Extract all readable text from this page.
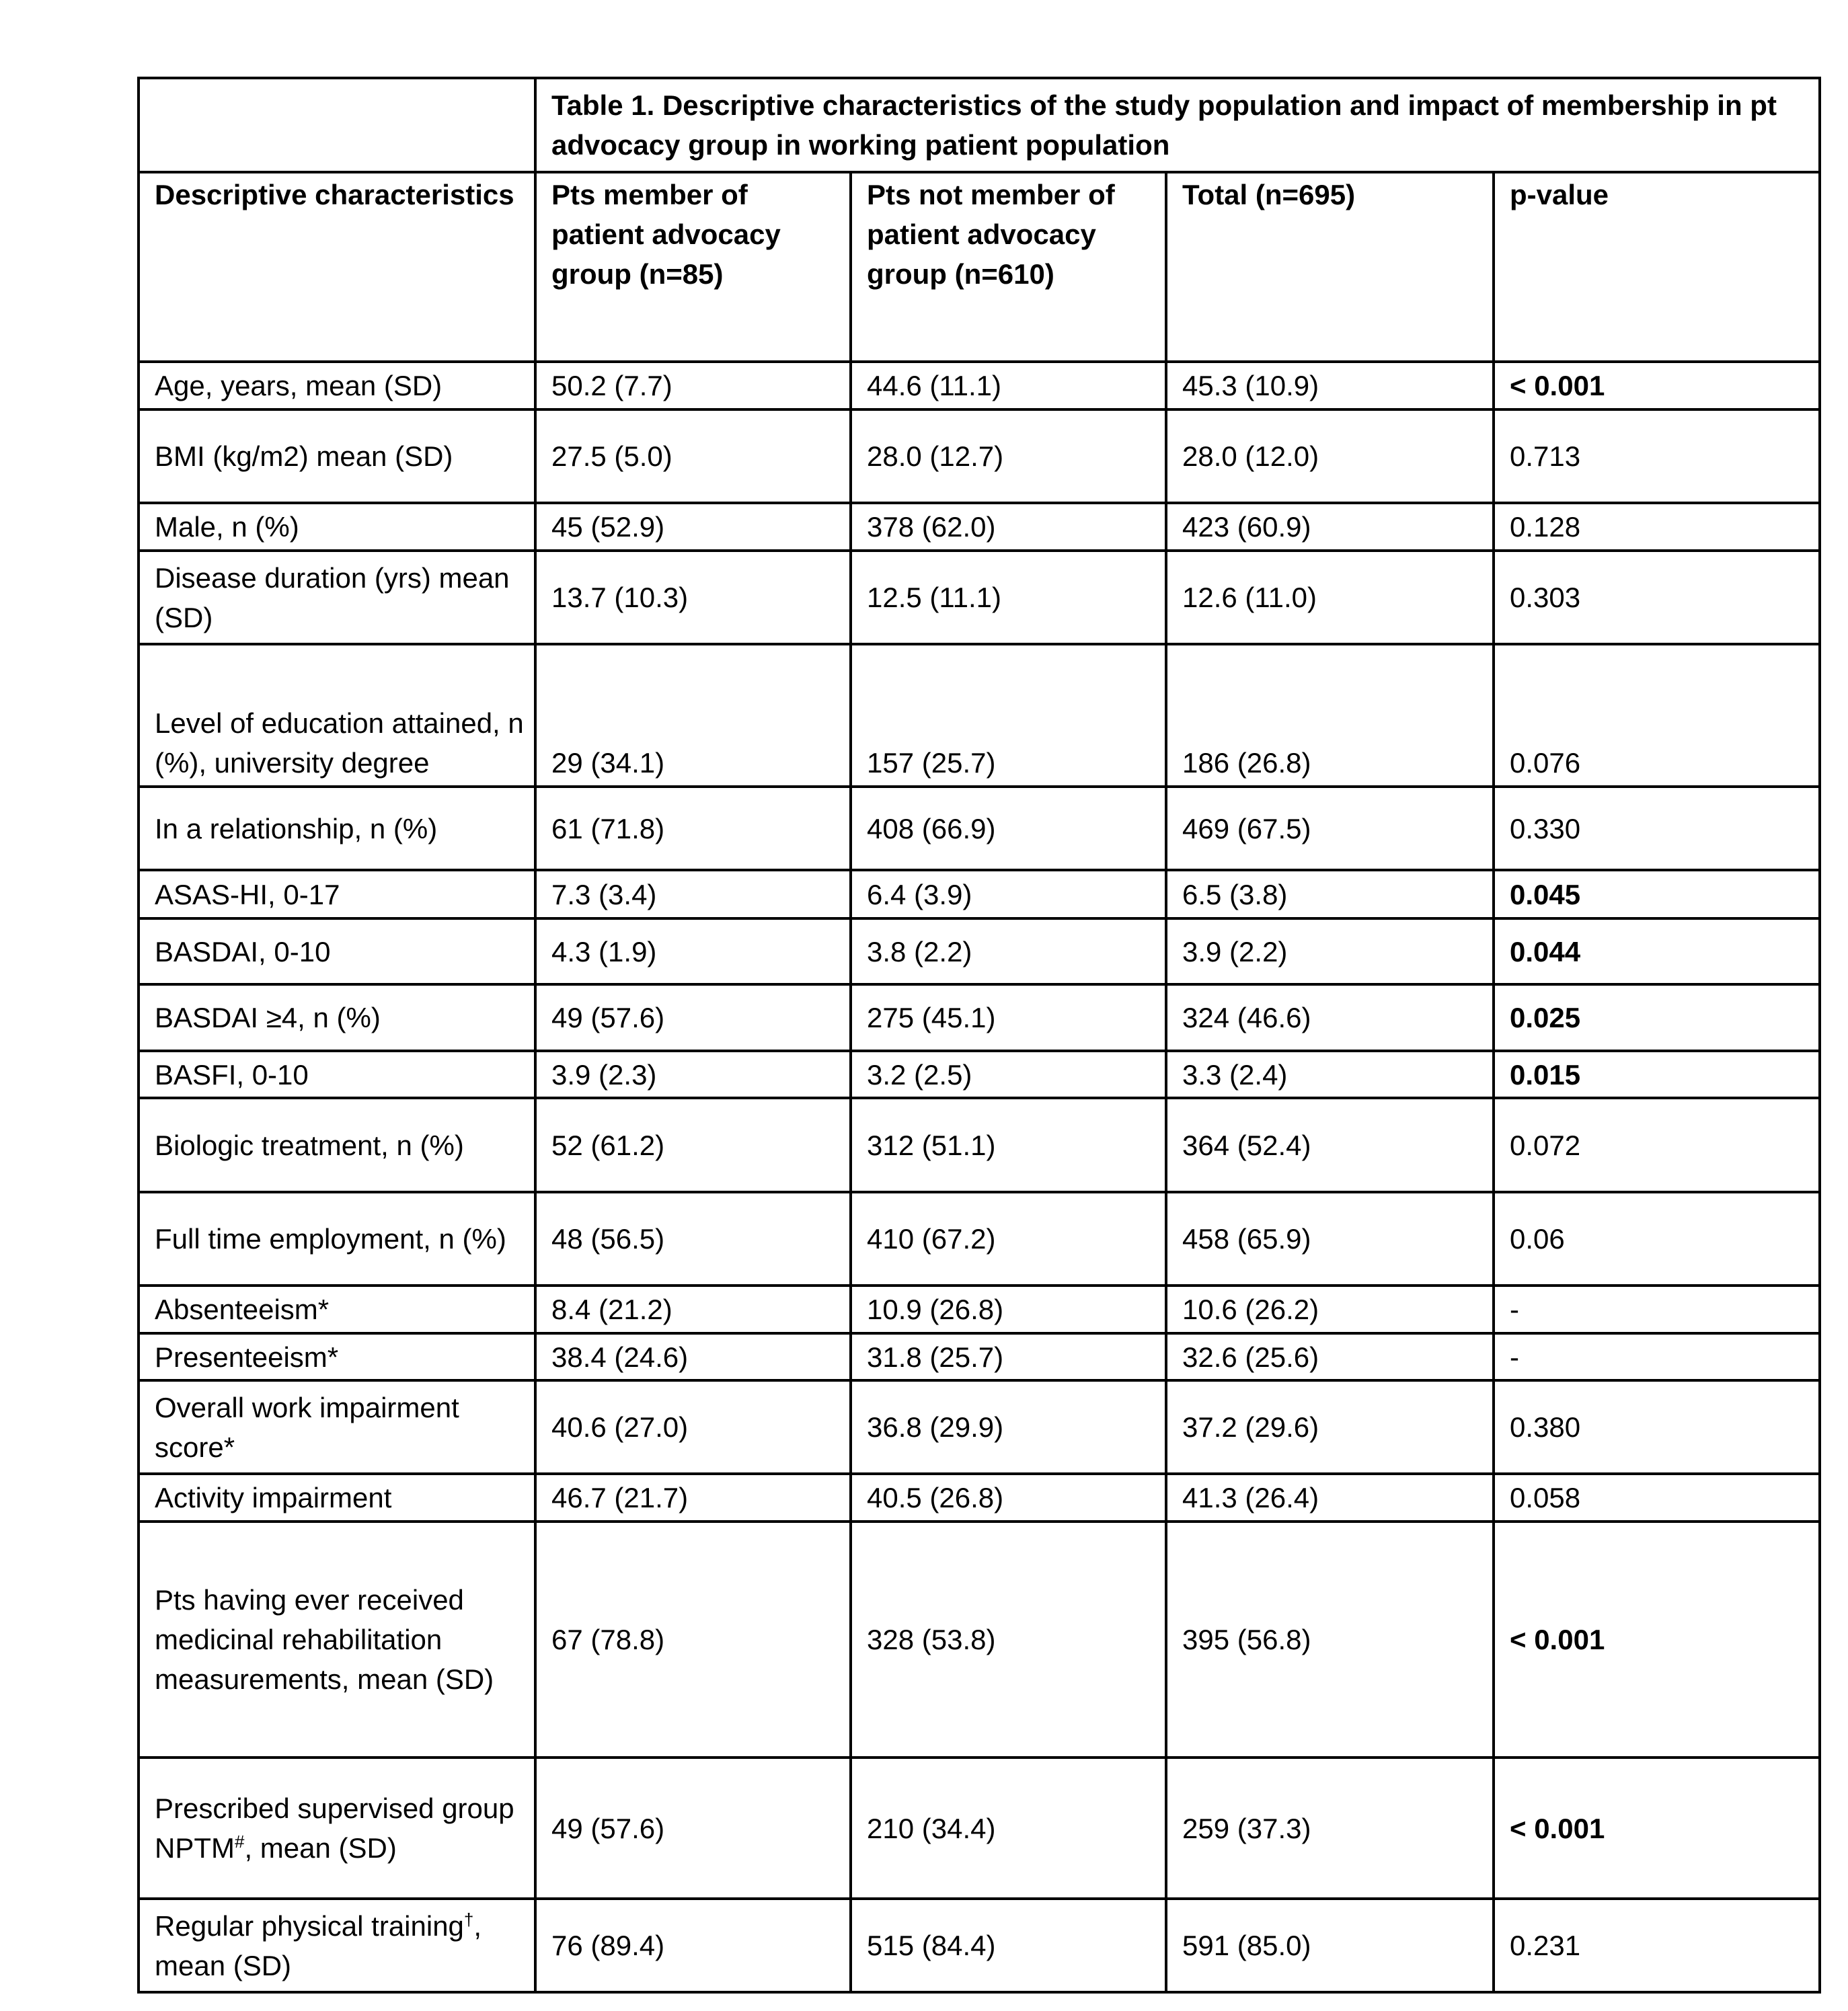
	Table 1. Descriptive characteristics of the study population and impact of membership in pt advocacy group in working patient population			
Descriptive characteristics	Pts member of patient advocacy group (n=85)	Pts not member of patient advocacy group (n=610)	Total (n=695)	p-value
Age, years, mean (SD)	50.2 (7.7)	44.6 (11.1)	45.3 (10.9)	< 0.001
BMI (kg/m2) mean (SD)	27.5 (5.0)	28.0 (12.7)	28.0 (12.0)	0.713
Male, n (%)	45 (52.9)	378 (62.0)	423 (60.9)	0.128
Disease duration (yrs) mean (SD)	13.7 (10.3)	12.5 (11.1)	12.6 (11.0)	0.303
Level of education attained, n (%), university degree	29 (34.1)	157 (25.7)	186 (26.8)	0.076
In a relationship, n (%)	61 (71.8)	408 (66.9)	469 (67.5)	0.330
ASAS-HI, 0-17	7.3 (3.4)	6.4 (3.9)	6.5 (3.8)	0.045
BASDAI, 0-10	4.3 (1.9)	3.8 (2.2)	3.9 (2.2)	0.044
BASDAI ≥4, n (%)	49 (57.6)	275 (45.1)	324 (46.6)	0.025
BASFI, 0-10	3.9 (2.3)	3.2 (2.5)	3.3 (2.4)	0.015
Biologic treatment, n (%)	52 (61.2)	312 (51.1)	364 (52.4)	0.072
Full time employment, n (%)	48 (56.5)	410 (67.2)	458 (65.9)	0.06
Absenteeism*	8.4 (21.2)	10.9 (26.8)	10.6 (26.2)	-
Presenteeism*	38.4 (24.6)	31.8 (25.7)	32.6 (25.6)	-
Overall work impairment score*	40.6 (27.0)	36.8 (29.9)	37.2 (29.6)	0.380
Activity impairment	46.7 (21.7)	40.5 (26.8)	41.3 (26.4)	0.058
Pts having ever received medicinal rehabilitation measurements, mean (SD)	67 (78.8)	328 (53.8)	395 (56.8)	< 0.001
Prescribed supervised group NPTM#, mean (SD)	49 (57.6)	210 (34.4)	259 (37.3)	< 0.001
Regular physical training†, mean (SD)	76 (89.4)	515 (84.4)	591 (85.0)	0.231
